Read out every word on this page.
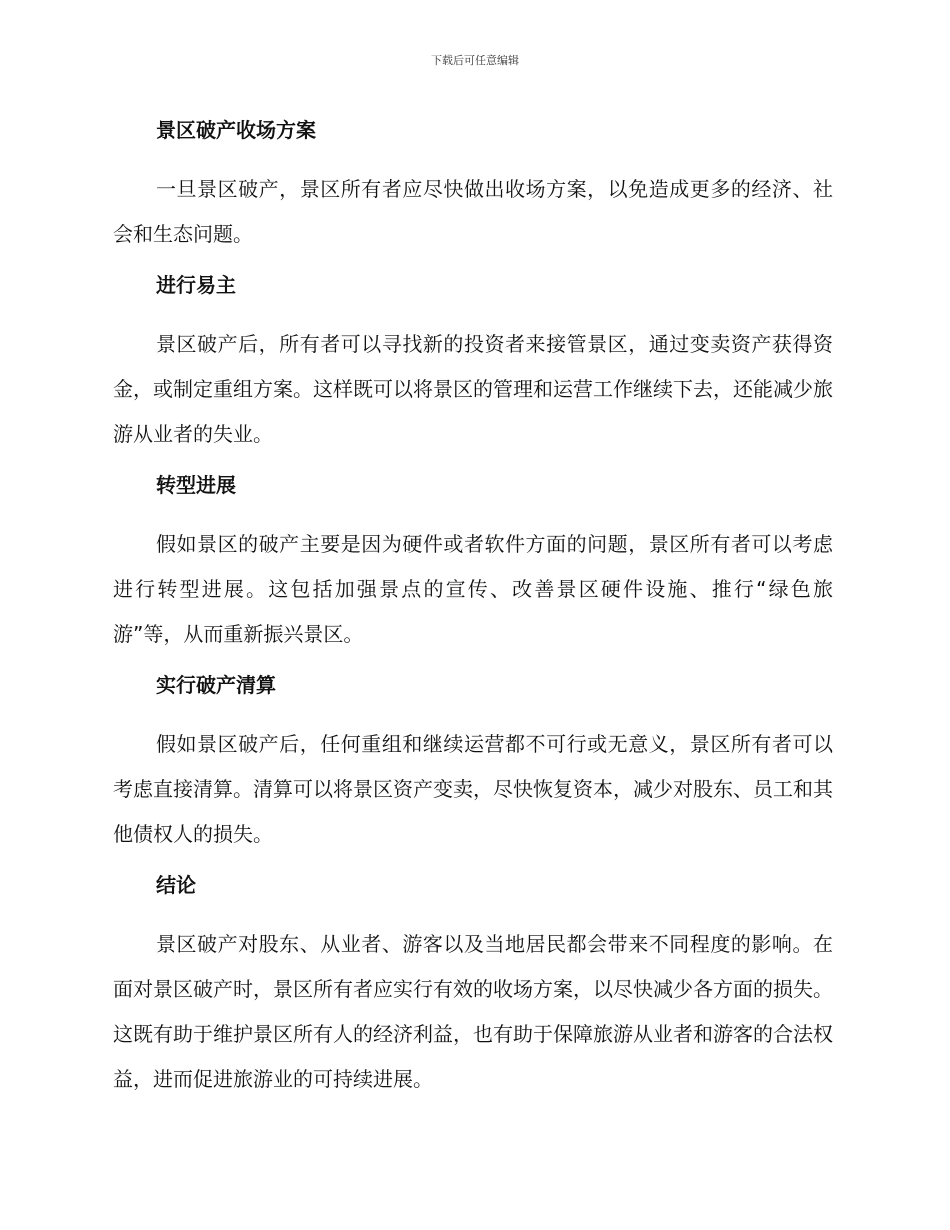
下载后可任意编辑
景区破产收场方案

一旦景区破产，景区所有者应尽快做出收场方案，以免造成更多的经济、社会和生态问题。

进行易主

景区破产后，所有者可以寻找新的投资者来接管景区，通过变卖资产获得资金，或制定重组方案。这样既可以将景区的管理和运营工作继续下去，还能减少旅游从业者的失业。

转型进展

假如景区的破产主要是因为硬件或者软件方面的问题，景区所有者可以考虑进行转型进展。这包括加强景点的宣传、改善景区硬件设施、推行“绿色旅游”等，从而重新振兴景区。

实行破产清算

假如景区破产后，任何重组和继续运营都不可行或无意义，景区所有者可以考虑直接清算。清算可以将景区资产变卖，尽快恢复资本，减少对股东、员工和其他债权人的损失。

结论

景区破产对股东、从业者、游客以及当地居民都会带来不同程度的影响。在面对景区破产时，景区所有者应实行有效的收场方案，以尽快减少各方面的损失。这既有助于维护景区所有人的经济利益，也有助于保障旅游从业者和游客的合法权益，进而促进旅游业的可持续进展。
